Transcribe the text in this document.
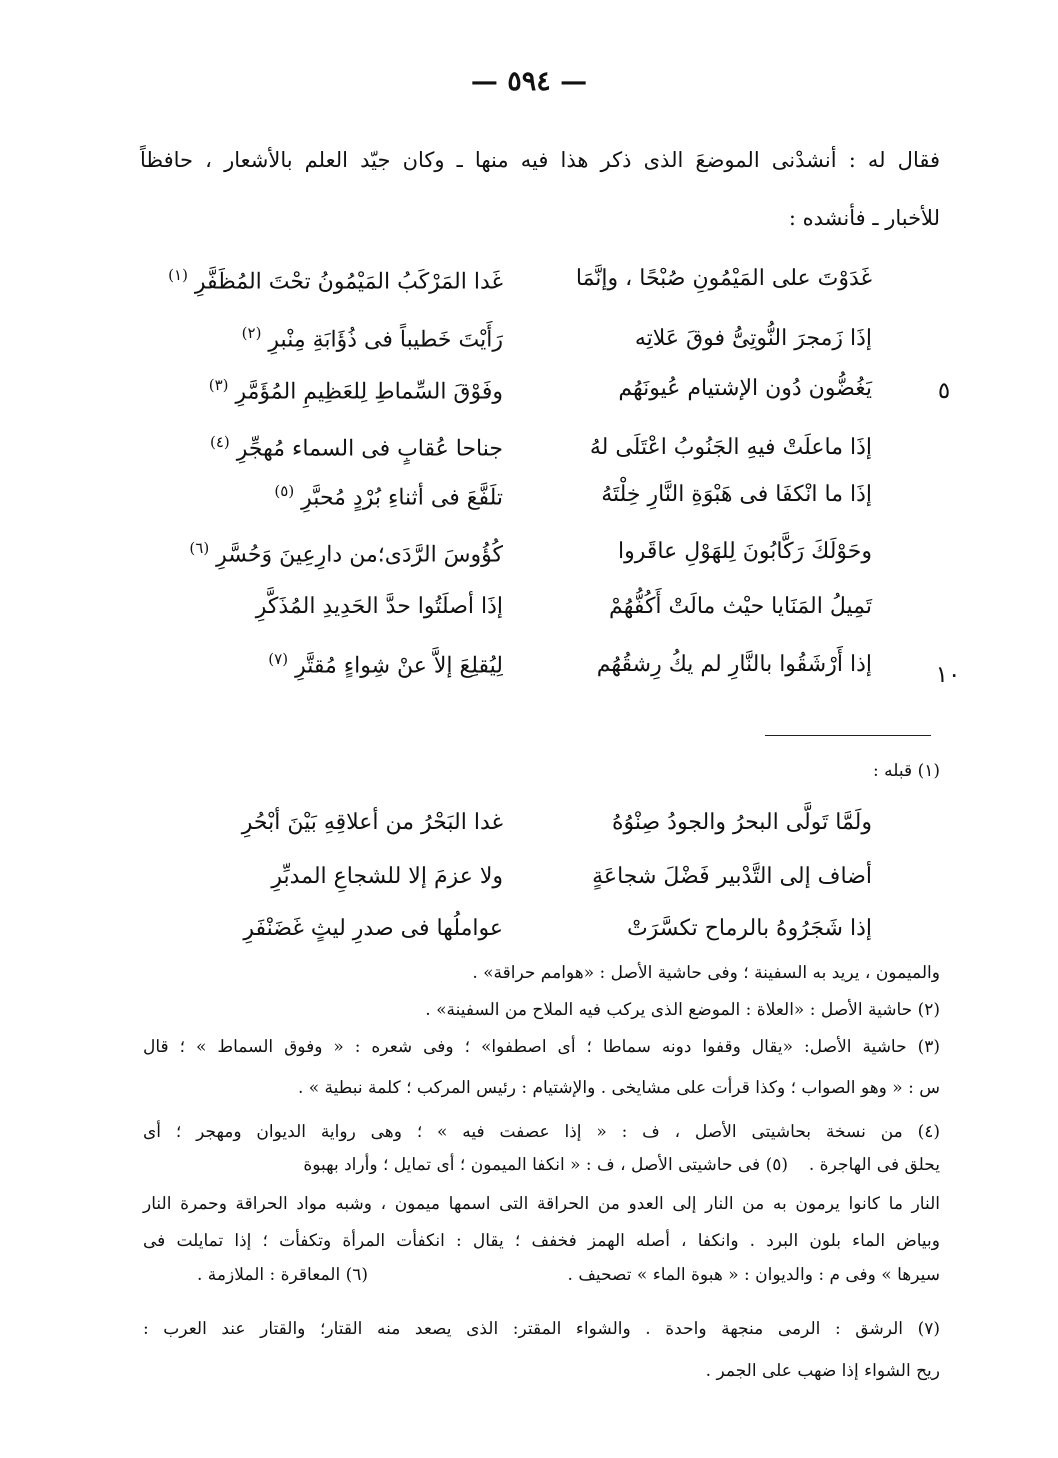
— ٥٩٤ —
فقال له : أنشدْنى الموضعَ الذى ذكر هذا فيه منها ـ وكان جيّد العلم بالأشعار ، حافظاً
للأخبار ـ فأنشده :
غَدَوْتَ على المَيْمُونِ صُبْحًا ، وإنَّمَا
غَدا المَرْكَبُ المَيْمُونُ تحْتَ المُظَفَّرِ $^{(١)}$
إذَا زَمجرَ النُّوتِىُّ فوقَ عَلاتِه
رَأَيْتَ خَطيباً فى ذُؤَابَةِ مِنْبرِ $^{(٢)}$
يَغُضُّون دُون الإشتيام عُيونَهُم
وفَوْقَ السِّماطِ لِلعَظِيمِ المُؤَمَّرِ $^{(٣)}$
إذَا ماعلَتْ فيهِ الجَنُوبُ اعْتَلَى لهُ
جناحا عُقابٍ فى السماء مُهجِّرِ $^{(٤)}$
إذَا ما انْكفَا فى هَبْوَةِ النَّارِ خِلْتَهُ
تلَفَّعَ فى أثناءِ بُرْدٍ مُحبَّرِ $^{(٥)}$
وحَوْلَكَ رَكَّابُونَ لِلهَوْلِ عاقَروا
كُؤُوسَ الرَّدَى؛من دارِعِينَ وَحُسَّرِ $^{(٦)}$
تَمِيلُ المَنَايا حيْث مالَتْ أَكُفُّهُمْ
إذَا أصلَتُوا حدَّ الحَدِيدِ المُذَكَّرِ
إذا أَرْشَقُوا بالنَّارِ لم يكُ رِشقُهُم
لِيُقلِعَ إلاَّ عنْ شِواءٍ مُقتَّرِ $^{(٧)}$
٥
١٠
(١) قبله :
ولَمَّا تَولَّى البحرُ والجودُ صِنْوُهُ
غدا البَحْرُ من أعلاقِهِ بَيْنَ أبْحُرِ
أضاف إلى التَّدْبير فَضْلَ شجاعَةٍ
ولا عزمَ إلا للشجاعِ المدبِّرِ
إذا شَجَرُوهُ بالرماح تكسَّرَتْ
عواملُها فى صدرِ ليثٍ غَضَنْفَرِ
والميمون ، يريد به السفينة ؛ وفى حاشية الأصل : «هوامم حراقة» .
(٢) حاشية الأصل : «العلاة : الموضع الذى يركب فيه الملاح من السفينة» .
(٣) حاشية الأصل: «يقال وقفوا دونه سماطا ؛ أى اصطفوا» ؛ وفى شعره : « وفوق السماط » ؛ قال
س : « وهو الصواب ؛ وكذا قرأت على مشايخى . والإشتيام : رئيس المركب ؛ كلمة نبطية » .
(٤) من نسخة بحاشيتى الأصل ، ف : « إذا عصفت فيه » ؛ وهى رواية الديوان ومهجر ؛ أى
يحلق فى الهاجرة .
(٥) فى حاشيتى الأصل ، ف : « انكفا الميمون ؛ أى تمايل ؛ وأراد بهبوة
النار ما كانوا يرمون به من النار إلى العدو من الحراقة التى اسمها ميمون ، وشبه مواد الحراقة وحمرة النار
وبياض الماء بلون البرد . وانكفا ، أصله الهمز فخفف ؛ يقال : انكفأت المرأة وتكفأت ؛ إذا تمايلت فى
سيرها » وفى م : والديوان : « هبوة الماء » تصحيف .
(٦) المعاقرة : الملازمة .
(٧) الرشق : الرمى منجهة واحدة . والشواء المقتر: الذى يصعد منه القتار؛ والقتار عند العرب :
ريح الشواء إذا ضهب على الجمر .
